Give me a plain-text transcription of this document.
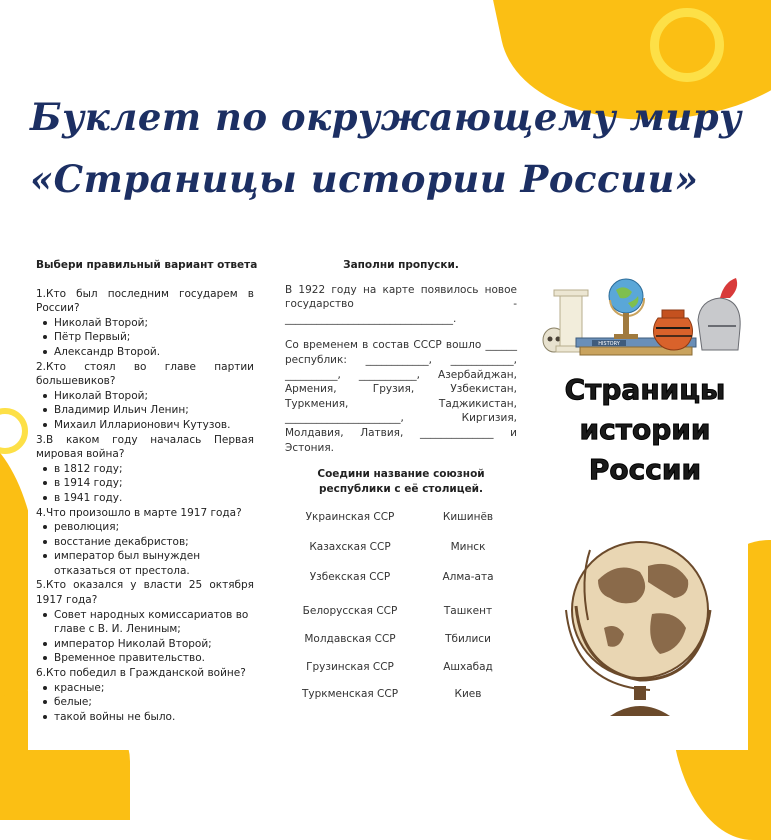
Буклет по окружающему миру
«Страницы истории России»
Выбери правильный вариант ответа
1.Кто был последним государем в России?
Николай Второй;
Пётр Первый;
Александр Второй.
2.Кто стоял во главе партии большевиков?
Николай Второй;
Владимир Ильич Ленин;
Михаил Илларионович Кутузов.
3.В каком году началась Первая мировая война?
в 1812 году;
в 1914 году;
в 1941 году.
4.Что произошло в марте 1917 года?
революция;
восстание декабристов;
император был вынужден отказаться от престола.
5.Кто оказался у власти 25 октября 1917 года?
Совет народных комиссариатов во главе с В. И. Лениным;
император Николай Второй;
Временное правительство.
6.Кто победил в Гражданской войне?
красные;
белые;
такой войны не было.
Заполни пропуски.
В 1922 году на карте появилось новое государство - ________________________________.
Со временем в состав СССР вошло ______ республик: ____________, ____________, __________, ___________, Азербайджан, Армения, Грузия, Узбекистан, Туркмения, Таджикистан, ______________________, Киргизия, Молдавия, Латвия, ______________ и Эстония.
Соедини название союзной республики с её столицей.
Украинская ССР	Кишинёв
Казахская ССР	Минск
Узбекская ССР	Алма-ата
Белорусская ССР	Ташкент
Молдавская ССР	Тбилиси
Грузинская ССР	Ашхабад
Туркменская ССР	Киев
HISTORY
Страницы
истории
России
